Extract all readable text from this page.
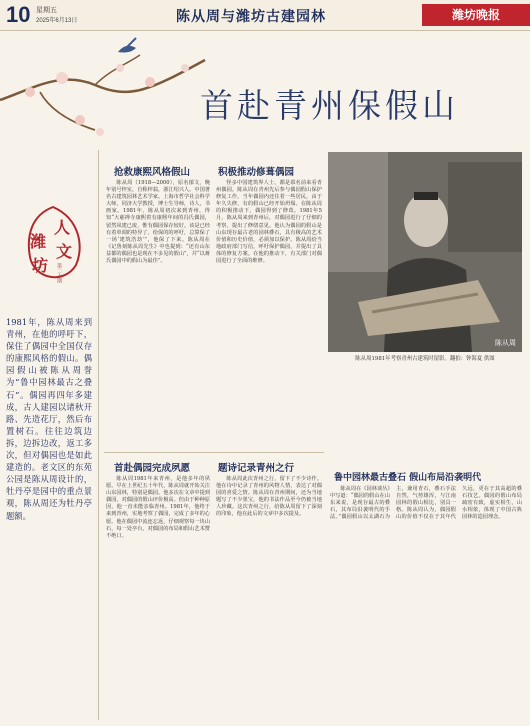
10 星期五
2025年6月13日	陈从周与潍坊古建园林	潍坊晚报
首赴青州保假山
人
潍
文
坊 第二十期
1981年，陈从周来到青州，在他的呼吁下，保住了偶园中全国仅存的康熙风格的假山。偶园假山被陈从周誉为“鲁中园林最古之叠石”。偶园再四年多建成，古人建园以诸秋开路、先造花厅，然后布置树石。往往边筑边拆，边拆边改，返工多次，但对偶园也是如此建造的。老文区的东苑公园是陈从周设计的，牡丹亭是园中的重点景观，陈从周还为牡丹亭题额。
抢救康熙风格假山
陈从周（1918—2000），原名郁文，晚年别号梓室，自称梓翁，浙江绍兴人。中国著名古建筑园林艺术学家。上海市哲学社会科学大师，同济大学教授，博士生导师，诗人，书画家。1981年，陈从周初次来到青州，得知“大慈禅寺康熙着有康熙年间的冯氏偶园，留然凤建已废，惟有偶园保存较好。该是已经有着单调的特异了，给保的的呼吁，总算保了一场‘建筑浩劫’”，他保了下来。陈从周在《记鲁刻陈从周先生》中也提到：“还有山东益都的偶园也是现在不多见的假山”，并“以蒋氏偶园中的假山为最佳”。
积极推动修葺偶园
怪多中国建筑界人士，都是慕名前来看青州偶园。陈从周在青州先后参与偶园假山保护修复工作。当年偶园内还住着一些居民，由于年久失修，有的假山已经开始坍塌。在陈从周的积极推动下，偶园得到了修葺。1981年5月，陈从周来到青州后，对偶园进行了仔细的考察，提出了修缮意见。他认为偶园的假山是山东现存最古老的园林叠石，具有极高的艺术价值和历史价值，必须加以保护。陈从周给当地政府部门写信，呼吁保护偶园，并提出了具体的修复方案。在他的推动下，有关部门对偶园进行了全面的维修。
首赴偶园完成夙愿
陈从周1981年来青州，是他多年的夙愿。早在上世纪五十年代，陈从周就开始关注山东园林，特别是偶园。他多次在文章中提到偶园，对偶园的假山评价极高。但由于种种原因，他一直未能亲临青州。1981年，他终于来到青州，实地考察了偶园，完成了多年的心愿。他在偶园中流连忘返，仔细观察每一块山石，每一处亭台，对偶园的布局和假山艺术赞不绝口。
题诗记录青州之行
陈从周此次青州之行，留下了不少诗作。他在诗中记录了青州的风物人情，表达了对偶园的喜爱之情。陈从周在青州期间，还为当地题写了不少墨宝，他的书法作品至今仍被当地人珍藏。这次青州之行，给陈从周留下了深刻的印象，他在此后的文章中多次提及。
陈从周
陈从周1981年考察青州古建筑时留影。翻拍：钟海夏 供图
鲁中园林最古叠石 假山布局沿袭明代
陈从周在《园林谈丛》中写道：“偶园的假山在山东来说，是现存最古的叠石，其布局沿袭明代的手法。”偶园假山以太湖石为主，兼用青石，叠石手法自然，气势雄浑，与江南园林的假山相比，别具一格。陈从周认为，偶园假山的价值不仅在于其年代久远，更在于其高超的叠石技艺。偶园的假山布局疏密有致，虚实相生，山水相依，体现了中国古典园林的造园理念。
